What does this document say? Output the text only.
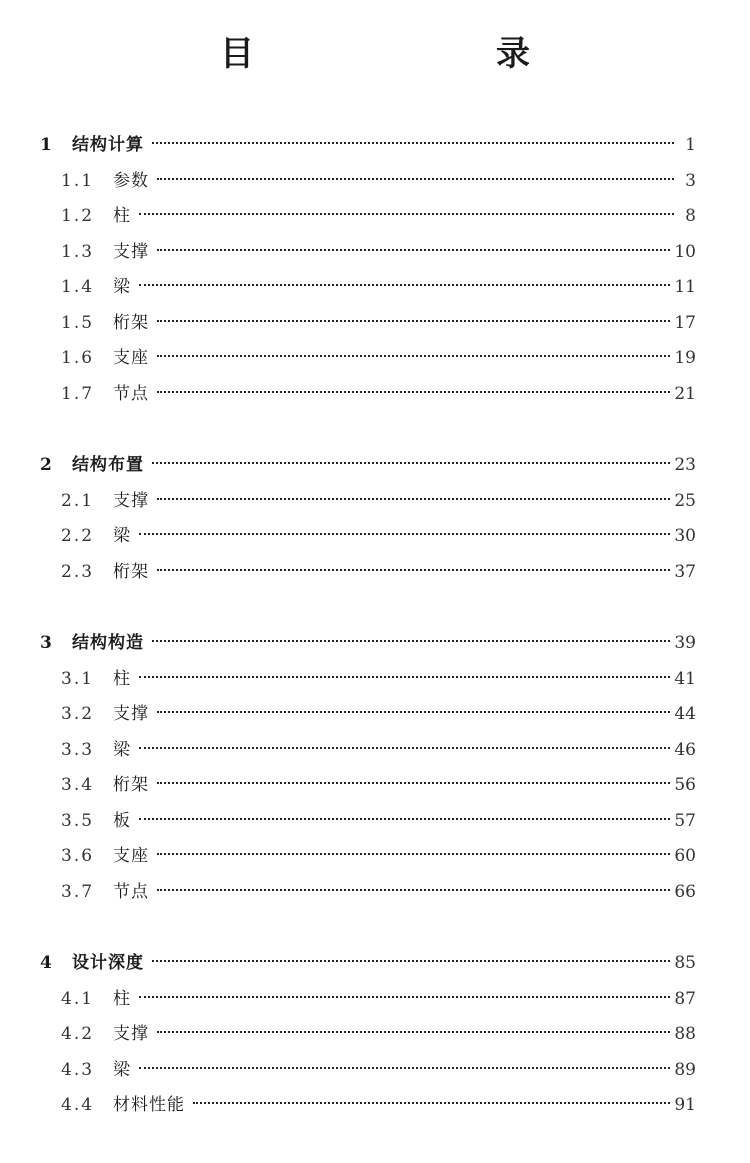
目　　录
1	结构计算	1
1.1	参数	3
1.2	柱	8
1.3	支撑	10
1.4	梁	11
1.5	桁架	17
1.6	支座	19
1.7	节点	21
2	结构布置	23
2.1	支撑	25
2.2	梁	30
2.3	桁架	37
3	结构构造	39
3.1	柱	41
3.2	支撑	44
3.3	梁	46
3.4	桁架	56
3.5	板	57
3.6	支座	60
3.7	节点	66
4	设计深度	85
4.1	柱	87
4.2	支撑	88
4.3	梁	89
4.4	材料性能	91
